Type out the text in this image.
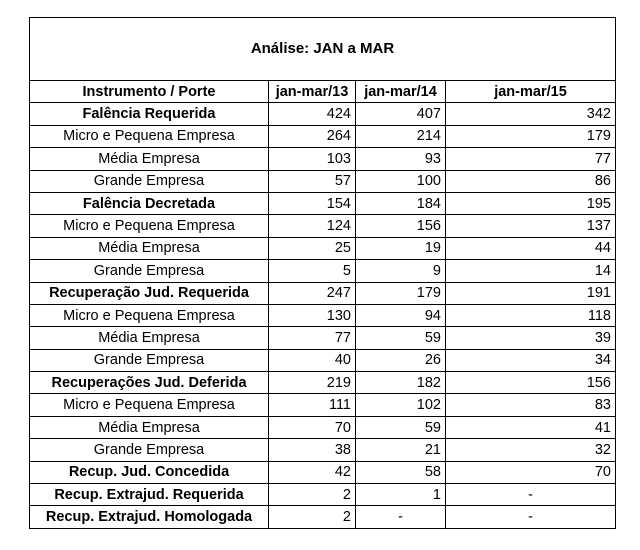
Análise: JAN a MAR			
Instrumento / Porte	jan-mar/13	jan-mar/14	jan-mar/15
Falência Requerida	424	407	342
Micro e Pequena Empresa	264	214	179
Média Empresa	103	93	77
Grande Empresa	57	100	86
Falência Decretada	154	184	195
Micro e Pequena Empresa	124	156	137
Média Empresa	25	19	44
Grande Empresa	5	9	14
Recuperação Jud. Requerida	247	179	191
Micro e Pequena Empresa	130	94	118
Média Empresa	77	59	39
Grande Empresa	40	26	34
Recuperações Jud. Deferida	219	182	156
Micro e Pequena Empresa	111	102	83
Média Empresa	70	59	41
Grande Empresa	38	21	32
Recup. Jud. Concedida	42	58	70
Recup. Extrajud. Requerida	2	1	-
Recup. Extrajud. Homologada	2	-	-
